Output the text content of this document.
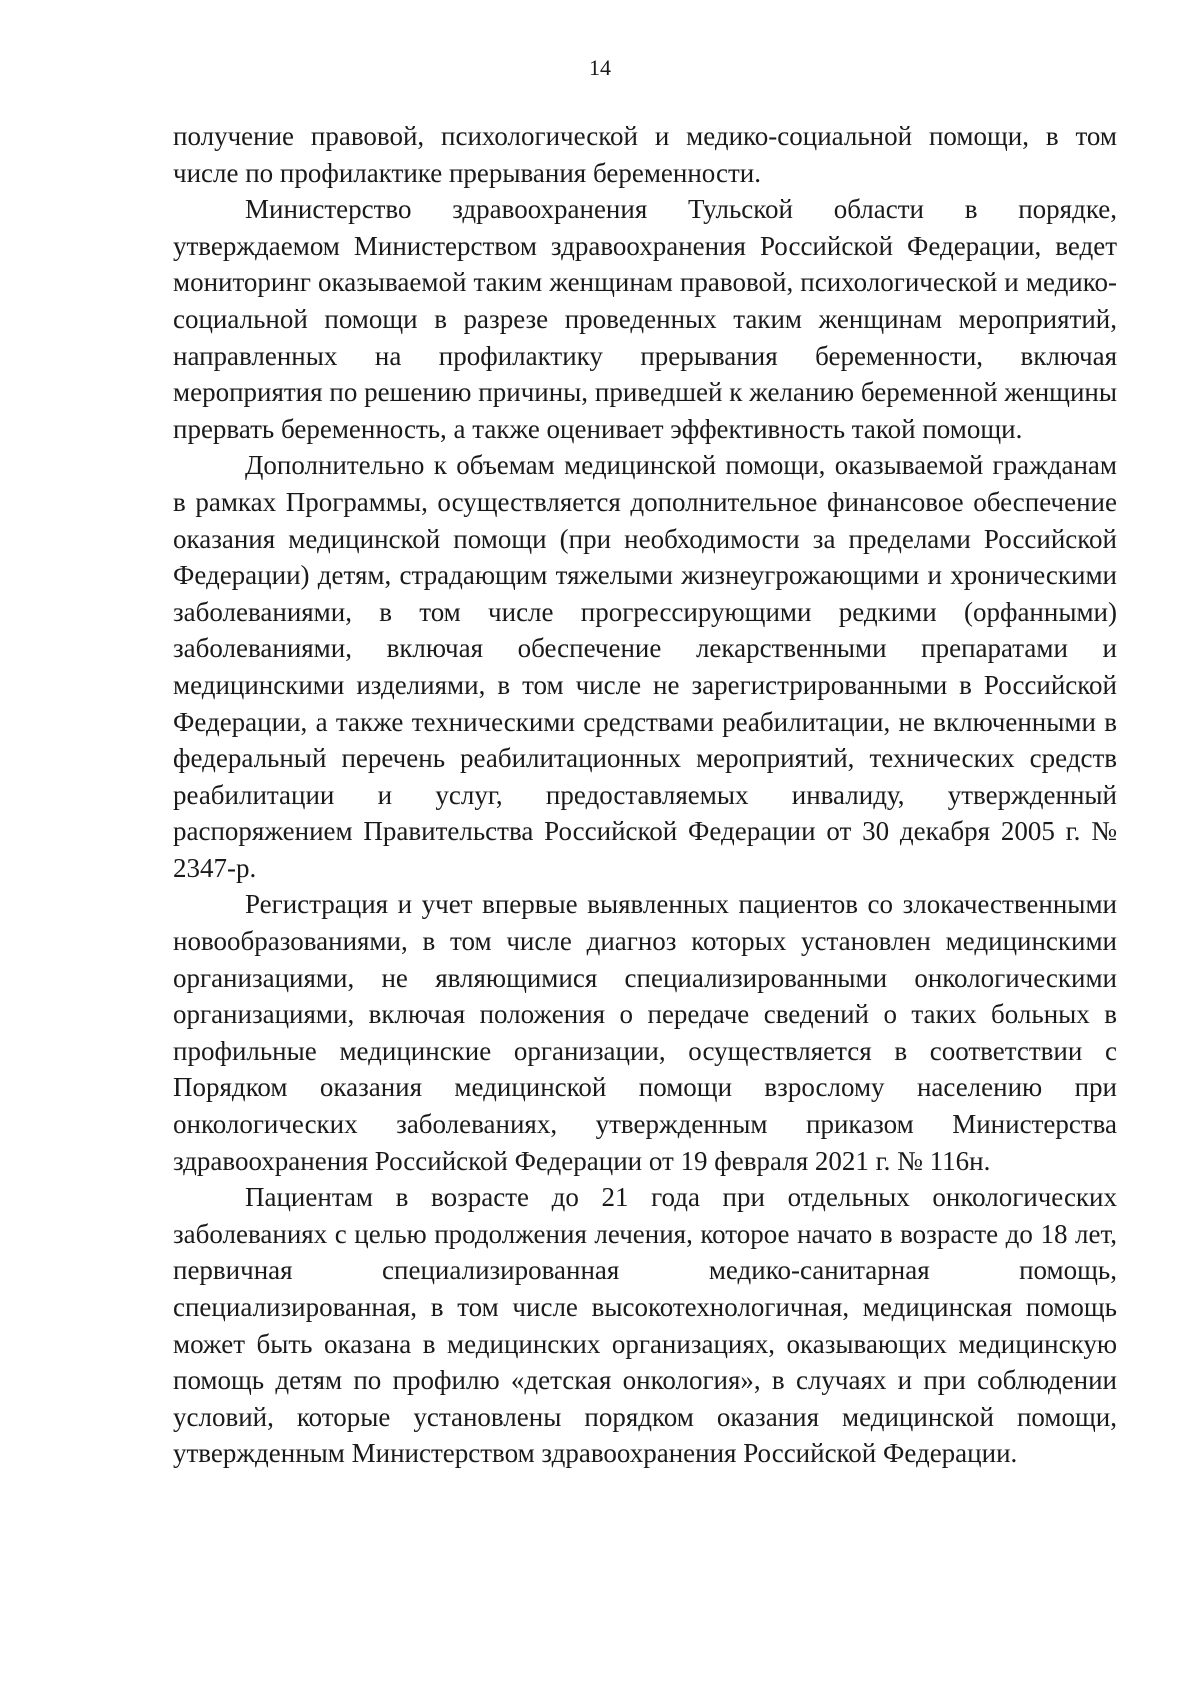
14

получение правовой, психологической и медико-социальной помощи, в том числе по профилактике прерывания беременности.

Министерство здравоохранения Тульской области в порядке, утверждаемом Министерством здравоохранения Российской Федерации, ведет мониторинг оказываемой таким женщинам правовой, психологической и медико-социальной помощи в разрезе проведенных таким женщинам мероприятий, направленных на профилактику прерывания беременности, включая мероприятия по решению причины, приведшей к желанию беременной женщины прервать беременность, а также оценивает эффективность такой помощи.

Дополнительно к объемам медицинской помощи, оказываемой гражданам в рамках Программы, осуществляется дополнительное финансовое обеспечение оказания медицинской помощи (при необходимости за пределами Российской Федерации) детям, страдающим тяжелыми жизнеугрожающими и хроническими заболеваниями, в том числе прогрессирующими редкими (орфанными) заболеваниями, включая обеспечение лекарственными препаратами и медицинскими изделиями, в том числе не зарегистрированными в Российской Федерации, а также техническими средствами реабилитации, не включенными в федеральный перечень реабилитационных мероприятий, технических средств реабилитации и услуг, предоставляемых инвалиду, утвержденный распоряжением Правительства Российской Федерации от 30 декабря 2005 г. № 2347-р.

Регистрация и учет впервые выявленных пациентов со злокачественными новообразованиями, в том числе диагноз которых установлен медицинскими организациями, не являющимися специализированными онкологическими организациями, включая положения о передаче сведений о таких больных в профильные медицинские организации, осуществляется в соответствии с Порядком оказания медицинской помощи взрослому населению при онкологических заболеваниях, утвержденным приказом Министерства здравоохранения Российской Федерации от 19 февраля 2021 г. № 116н.

Пациентам в возрасте до 21 года при отдельных онкологических заболеваниях с целью продолжения лечения, которое начато в возрасте до 18 лет, первичная специализированная медико-санитарная помощь, специализированная, в том числе высокотехнологичная, медицинская помощь может быть оказана в медицинских организациях, оказывающих медицинскую помощь детям по профилю «детская онкология», в случаях и при соблюдении условий, которые установлены порядком оказания медицинской помощи, утвержденным Министерством здравоохранения Российской Федерации.
